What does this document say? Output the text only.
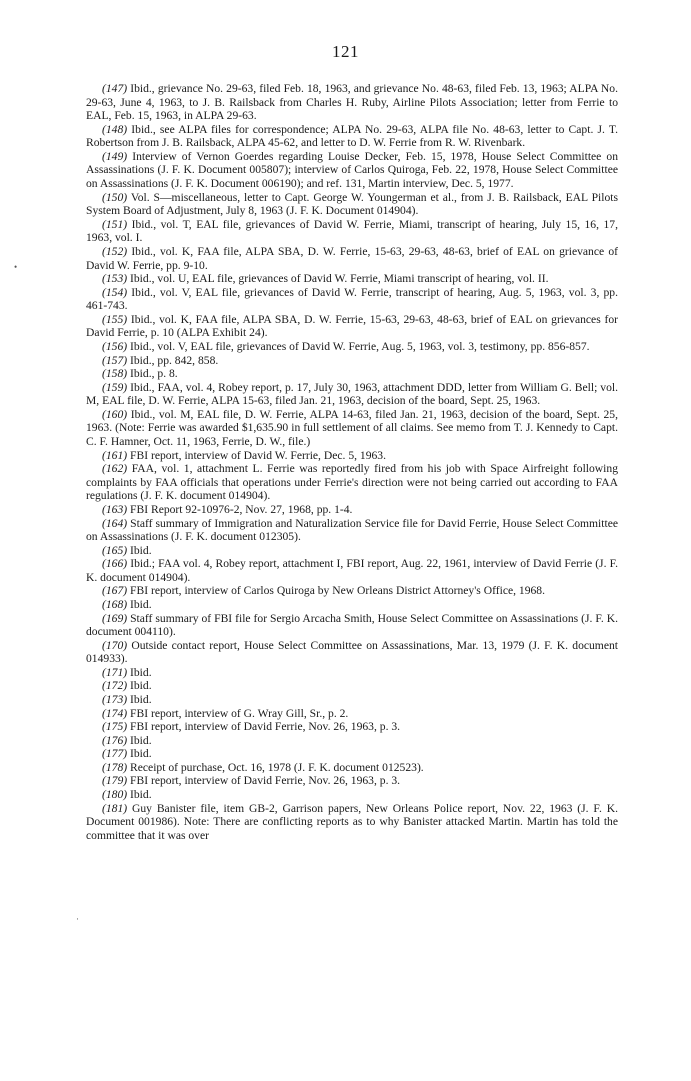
121
•
·

(147) Ibid., grievance No. 29-63, filed Feb. 18, 1963, and grievance No. 48-63, filed Feb. 13, 1963; ALPA No. 29-63, June 4, 1963, to J. B. Railsback from Charles H. Ruby, Airline Pilots Association; letter from Ferrie to EAL, Feb. 15, 1963, in ALPA 29-63.

(148) Ibid., see ALPA files for correspondence; ALPA No. 29-63, ALPA file No. 48-63, letter to Capt. J. T. Robertson from J. B. Railsback, ALPA 45-62, and letter to D. W. Ferrie from R. W. Rivenbark.

(149) Interview of Vernon Goerdes regarding Louise Decker, Feb. 15, 1978, House Select Committee on Assassinations (J. F. K. Document 005807); interview of Carlos Quiroga, Feb. 22, 1978, House Select Committee on Assassinations (J. F. K. Document 006190); and ref. 131, Martin interview, Dec. 5, 1977.

(150) Vol. S—miscellaneous, letter to Capt. George W. Youngerman et al., from J. B. Railsback, EAL Pilots System Board of Adjustment, July 8, 1963 (J. F. K. Document 014904).

(151) Ibid., vol. T, EAL file, grievances of David W. Ferrie, Miami, transcript of hearing, July 15, 16, 17, 1963, vol. I.

(152) Ibid., vol. K, FAA file, ALPA SBA, D. W. Ferrie, 15-63, 29-63, 48-63, brief of EAL on grievance of David W. Ferrie, pp. 9-10.

(153) Ibid., vol. U, EAL file, grievances of David W. Ferrie, Miami transcript of hearing, vol. II.

(154) Ibid., vol. V, EAL file, grievances of David W. Ferrie, transcript of hearing, Aug. 5, 1963, vol. 3, pp. 461-743.

(155) Ibid., vol. K, FAA file, ALPA SBA, D. W. Ferrie, 15-63, 29-63, 48-63, brief of EAL on grievances for David Ferrie, p. 10 (ALPA Exhibit 24).

(156) Ibid., vol. V, EAL file, grievances of David W. Ferrie, Aug. 5, 1963, vol. 3, testimony, pp. 856-857.

(157) Ibid., pp. 842, 858.

(158) Ibid., p. 8.

(159) Ibid., FAA, vol. 4, Robey report, p. 17, July 30, 1963, attachment DDD, letter from William G. Bell; vol. M, EAL file, D. W. Ferrie, ALPA 15-63, filed Jan. 21, 1963, decision of the board, Sept. 25, 1963.

(160) Ibid., vol. M, EAL file, D. W. Ferrie, ALPA 14-63, filed Jan. 21, 1963, decision of the board, Sept. 25, 1963. (Note: Ferrie was awarded $1,635.90 in full settlement of all claims. See memo from T. J. Kennedy to Capt. C. F. Hamner, Oct. 11, 1963, Ferrie, D. W., file.)

(161) FBI report, interview of David W. Ferrie, Dec. 5, 1963.

(162) FAA, vol. 1, attachment L. Ferrie was reportedly fired from his job with Space Airfreight following complaints by FAA officials that operations under Ferrie's direction were not being carried out according to FAA regulations (J. F. K. document 014904).

(163) FBI Report 92-10976-2, Nov. 27, 1968, pp. 1-4.

(164) Staff summary of Immigration and Naturalization Service file for David Ferrie, House Select Committee on Assassinations (J. F. K. document 012305).

(165) Ibid.

(166) Ibid.; FAA vol. 4, Robey report, attachment I, FBI report, Aug. 22, 1961, interview of David Ferrie (J. F. K. document 014904).

(167) FBI report, interview of Carlos Quiroga by New Orleans District Attorney's Office, 1968.

(168) Ibid.

(169) Staff summary of FBI file for Sergio Arcacha Smith, House Select Committee on Assassinations (J. F. K. document 004110).

(170) Outside contact report, House Select Committee on Assassinations, Mar. 13, 1979 (J. F. K. document 014933).

(171) Ibid.

(172) Ibid.

(173) Ibid.

(174) FBI report, interview of G. Wray Gill, Sr., p. 2.

(175) FBI report, interview of David Ferrie, Nov. 26, 1963, p. 3.

(176) Ibid.

(177) Ibid.

(178) Receipt of purchase, Oct. 16, 1978 (J. F. K. document 012523).

(179) FBI report, interview of David Ferrie, Nov. 26, 1963, p. 3.

(180) Ibid.

(181) Guy Banister file, item GB-2, Garrison papers, New Orleans Police report, Nov. 22, 1963 (J. F. K. Document 001986). Note: There are conflicting reports as to why Banister attacked Martin. Martin has told the committee that it was over
